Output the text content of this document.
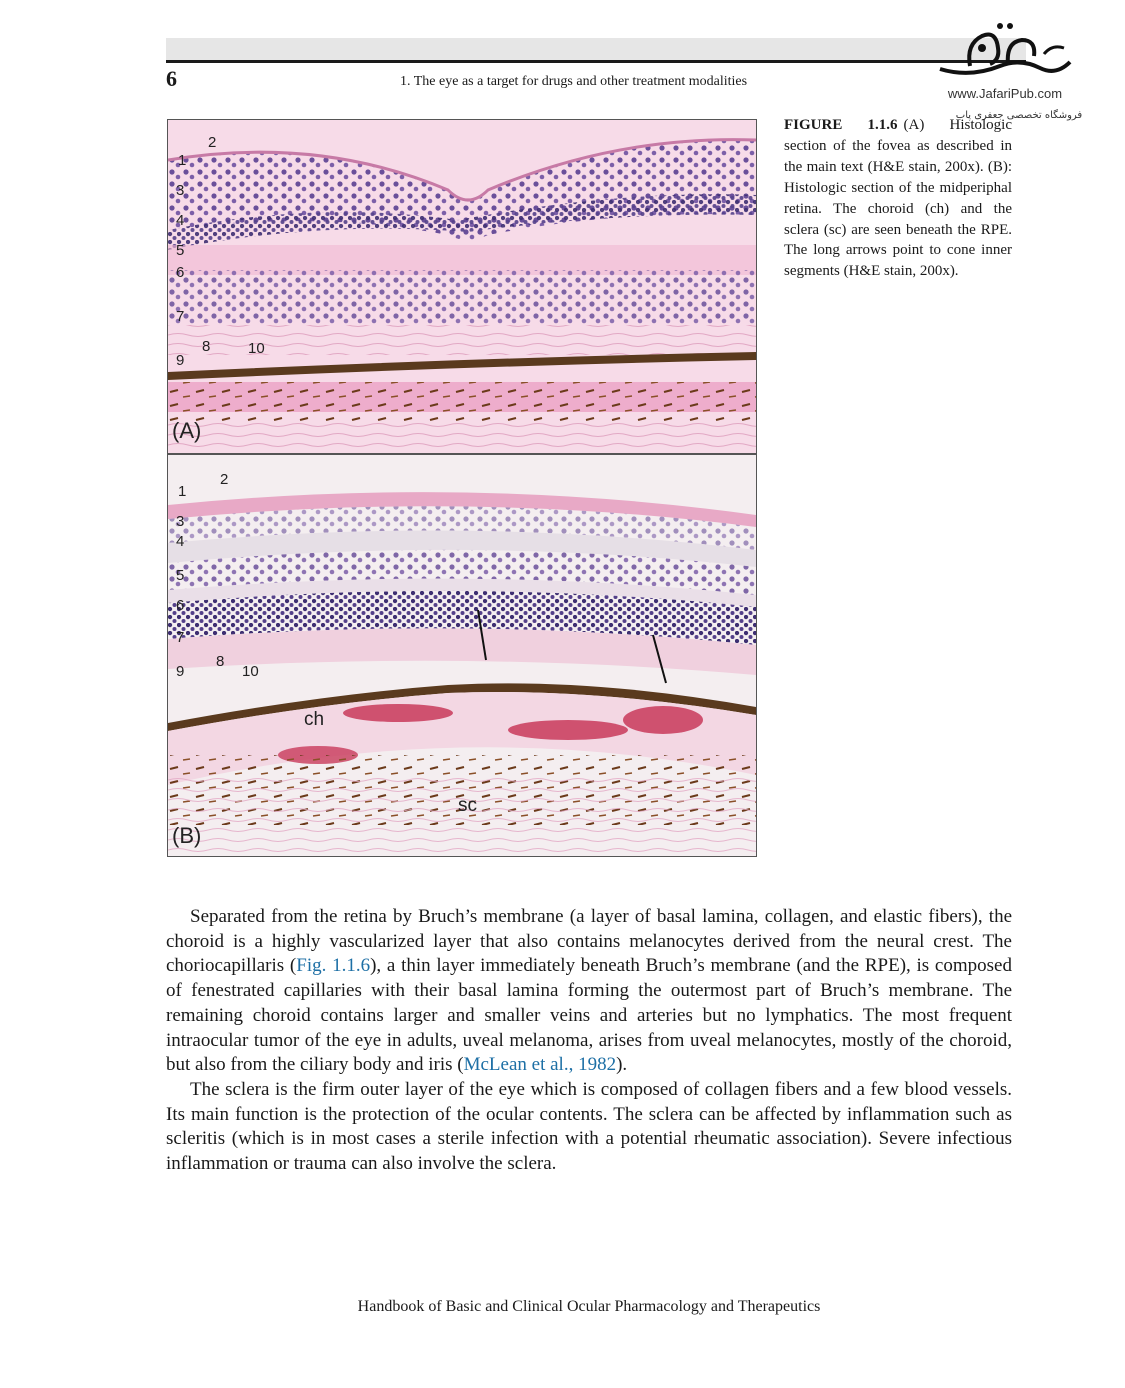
6	1. The eye as a target for drugs and other treatment modalities
www.JafariPub.com
فروشگاه تخصصی جعفری پاب
1
2
3
4
5
6
7
8
9
10
(A)
1
2
3
4
5
6
7
8
9	10
ch
sc
(B)
FIGURE 1.1.6 (A) Histologic section of the fovea as described in the main text (H&E stain, 200x). (B): Histologic section of the midperiphal retina. The choroid (ch) and the sclera (sc) are seen beneath the RPE. The long arrows point to cone inner segments (H&E stain, 200x).

Separated from the retina by Bruch’s membrane (a layer of basal lamina, collagen, and elastic fibers), the choroid is a highly vascularized layer that also contains melanocytes derived from the neural crest. The choriocapillaris (Fig. 1.1.6), a thin layer immediately beneath Bruch’s membrane (and the RPE), is composed of fenestrated capillaries with their basal lamina forming the outermost part of Bruch’s membrane. The remaining choroid contains larger and smaller veins and arteries but no lymphatics. The most frequent intraocular tumor of the eye in adults, uveal melanoma, arises from uveal melanocytes, mostly of the choroid, but also from the ciliary body and iris (McLean et al., 1982).

The sclera is the firm outer layer of the eye which is composed of collagen fibers and a few blood vessels. Its main function is the protection of the ocular contents. The sclera can be affected by inflammation such as scleritis (which is in most cases a sterile infection with a potential rheumatic association). Severe infectious inflammation or trauma can also involve the sclera.

Handbook of Basic and Clinical Ocular Pharmacology and Therapeutics
